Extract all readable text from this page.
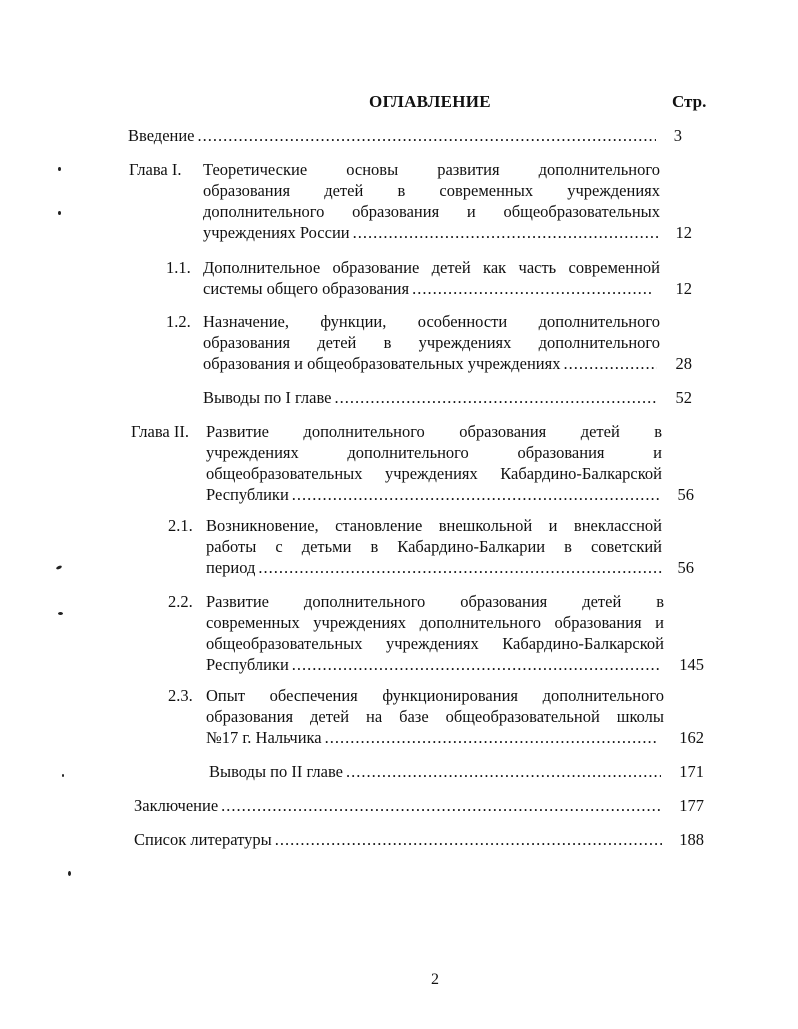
ОГЛАВЛЕНИЕ	Стр.
Введение .....	3
Глава I. Теоретические основы развития дополнительного
образования детей в современных учреждениях
дополнительного образования и общеобразовательных
учреждениях России .....	12
1.1. Дополнительное образование детей как часть современной
системы общего образования .....	12
1.2. Назначение, функции, особенности дополнительного
образования детей в учреждениях дополнительного
образования и общеобразовательных учреждениях .....	28
Выводы по I главе .....	52
Глава II. Развитие дополнительного образования детей в
учреждениях дополнительного образования и
общеобразовательных учреждениях Кабардино-Балкарской
Республики .....	56
2.1. Возникновение, становление внешкольной и внеклассной
работы с детьми в Кабардино-Балкарии в советский
период .....	56
2.2. Развитие дополнительного образования детей в
современных учреждениях дополнительного образования и
общеобразовательных учреждениях Кабардино-Балкарской
Республики .....	145
2.3. Опыт обеспечения функционирования дополнительного
образования детей на базе общеобразовательной школы
№17 г. Нальчика .....	162
Выводы по II главе .....	171
Заключение .....	177
Список литературы .....	188
2
